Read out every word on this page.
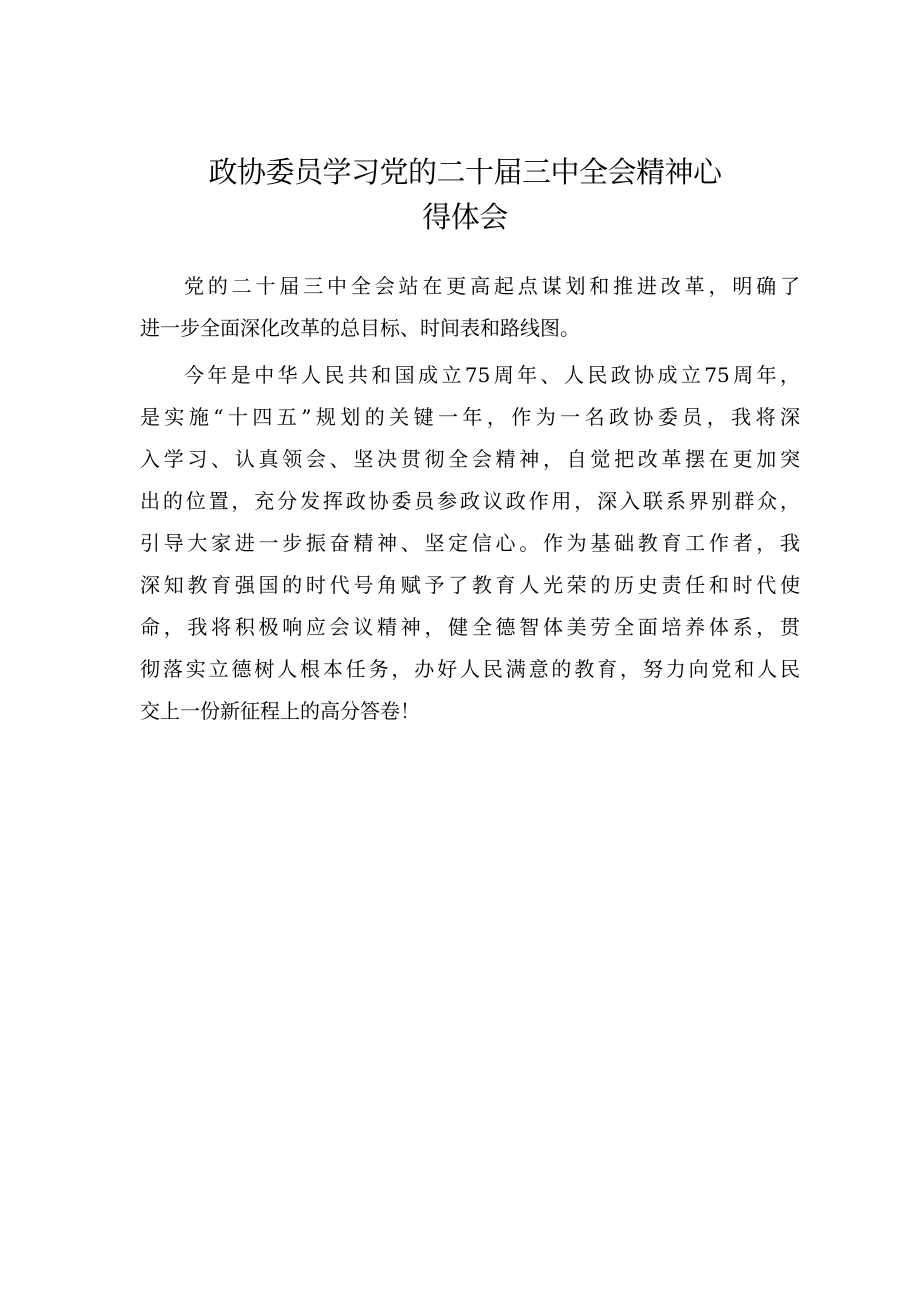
政协委员学习党的二十届三中全会精神心
得体会

党的二十届三中全会站在更高起点谋划和推进改革，明确了
进一步全面深化改革的总目标、时间表和路线图。

今年是中华人民共和国成立75周年、人民政协成立75周年，
是实施“十四五”规划的关键一年，作为一名政协委员，我将深
入学习、认真领会、坚决贯彻全会精神，自觉把改革摆在更加突
出的位置，充分发挥政协委员参政议政作用，深入联系界别群众，
引导大家进一步振奋精神、坚定信心。作为基础教育工作者，我
深知教育强国的时代号角赋予了教育人光荣的历史责任和时代使
命，我将积极响应会议精神，健全德智体美劳全面培养体系，贯
彻落实立德树人根本任务，办好人民满意的教育，努力向党和人民
交上一份新征程上的高分答卷！
